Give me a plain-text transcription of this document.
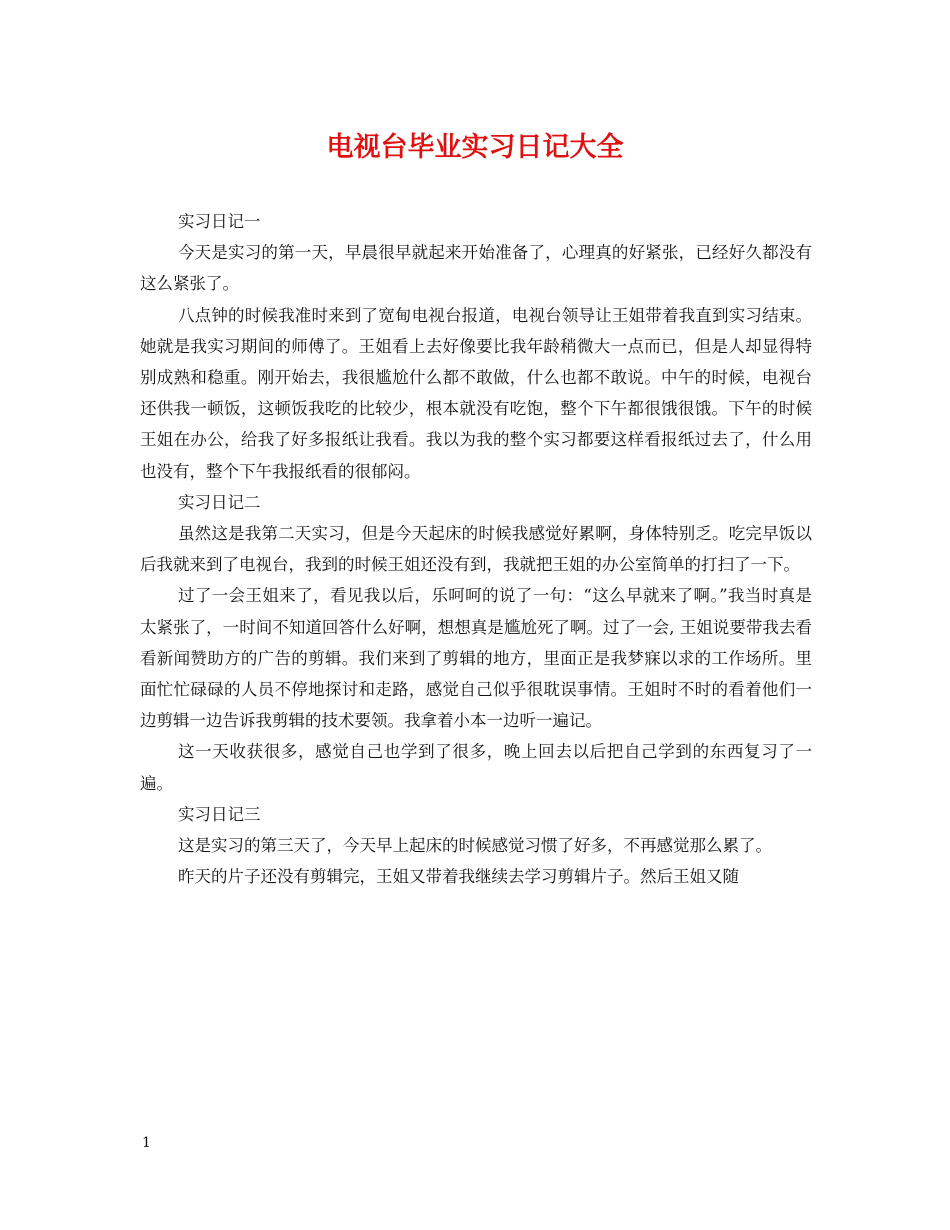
电视台毕业实习日记大全

实习日记一

今天是实习的第一天，早晨很早就起来开始准备了，心理真的好紧张，已经好久都没有这么紧张了。

八点钟的时候我准时来到了宽甸电视台报道，电视台领导让王姐带着我直到实习结束。她就是我实习期间的师傅了。王姐看上去好像要比我年龄稍微大一点而已，但是人却显得特别成熟和稳重。刚开始去，我很尴尬什么都不敢做，什么也都不敢说。中午的时候，电视台还供我一顿饭，这顿饭我吃的比较少，根本就没有吃饱，整个下午都很饿很饿。下午的时候王姐在办公，给我了好多报纸让我看。我以为我的整个实习都要这样看报纸过去了，什么用也没有，整个下午我报纸看的很郁闷。

实习日记二

虽然这是我第二天实习，但是今天起床的时候我感觉好累啊，身体特别乏。吃完早饭以后我就来到了电视台，我到的时候王姐还没有到，我就把王姐的办公室简单的打扫了一下。

过了一会王姐来了，看见我以后，乐呵呵的说了一句：“这么早就来了啊。”我当时真是太紧张了，一时间不知道回答什么好啊，想想真是尴尬死了啊。过了一会, 王姐说要带我去看看新闻赞助方的广告的剪辑。我们来到了剪辑的地方，里面正是我梦寐以求的工作场所。里面忙忙碌碌的人员不停地探讨和走路，感觉自己似乎很耽误事情。王姐时不时的看着他们一边剪辑一边告诉我剪辑的技术要领。我拿着小本一边听一遍记。

这一天收获很多，感觉自己也学到了很多，晚上回去以后把自己学到的东西复习了一遍。

实习日记三

这是实习的第三天了，今天早上起床的时候感觉习惯了好多，不再感觉那么累了。

昨天的片子还没有剪辑完，王姐又带着我继续去学习剪辑片子。然后王姐又随

1
